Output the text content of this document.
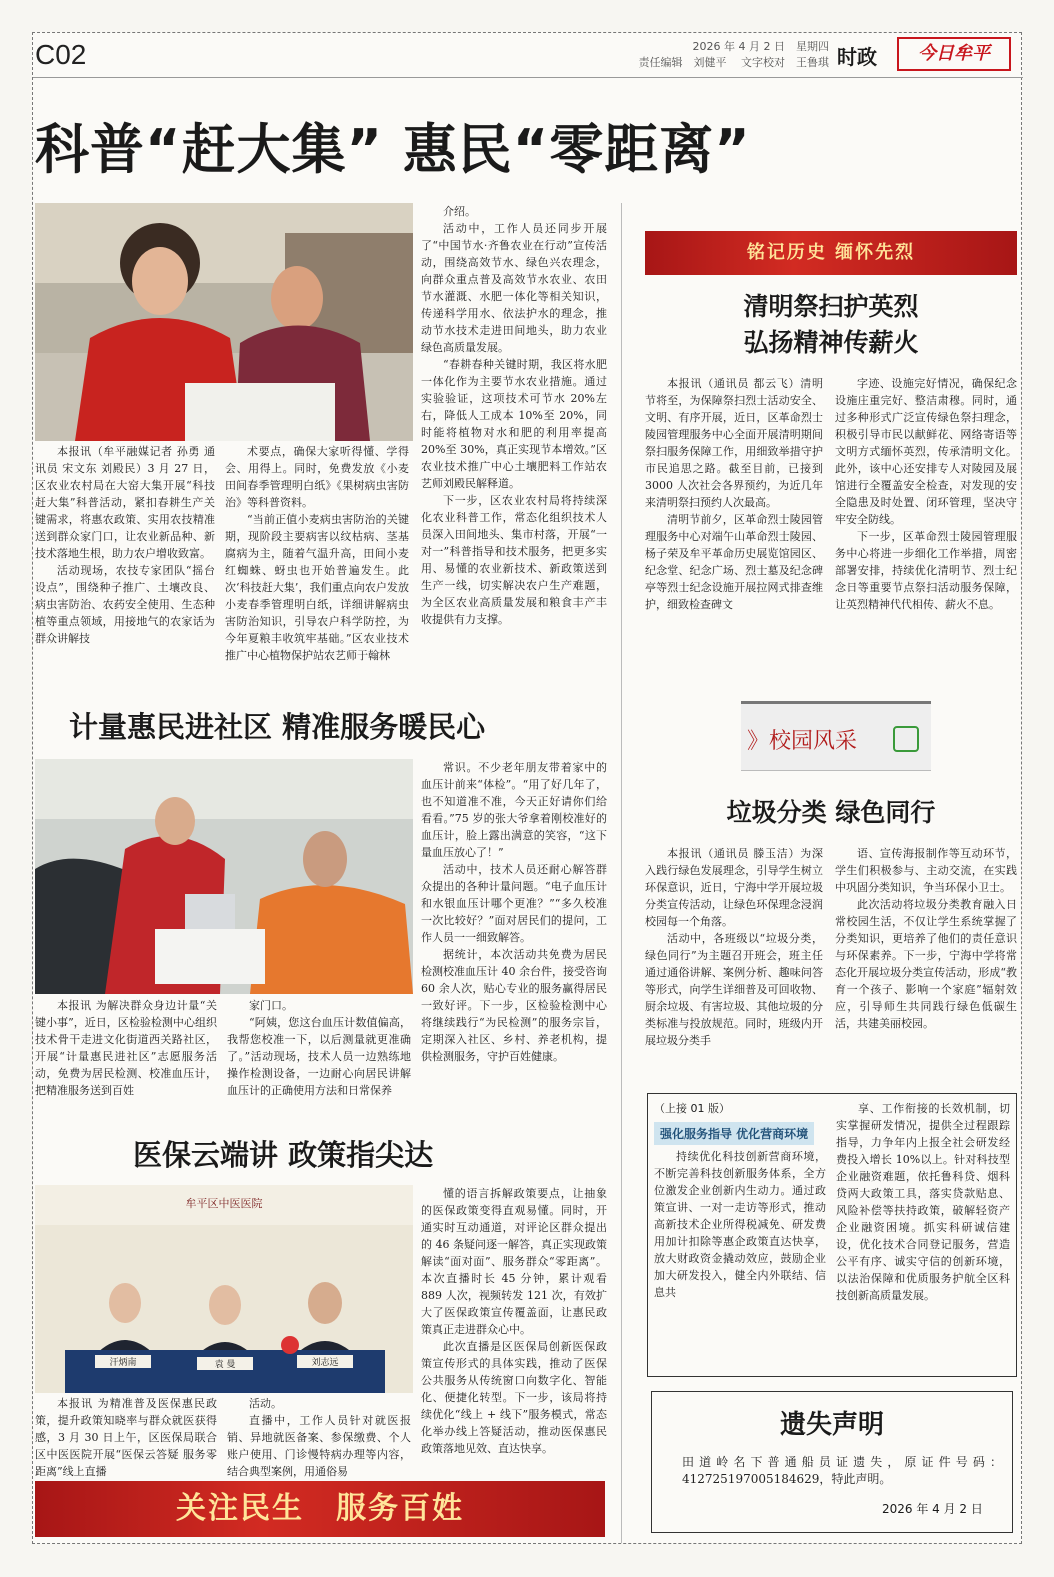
C02	2026 年 4 月 2 日　星期四
责任编辑　刘健平　 文字校对　王鲁琪 时政	今日牟平
科普“赶大集” 惠民“零距离”

本报讯（牟平融媒记者 孙勇 通讯员 宋文东 刘殿民）3 月 27 日，区农业农村局在大窑大集开展“科技赶大集”科普活动，紧扣春耕生产关键需求，将惠农政策、实用农技精准送到群众家门口，让农业新品种、新技术落地生根，助力农户增收致富。

活动现场，农技专家团队“摇台设点”，围绕种子推广、土壤改良、病虫害防治、农药安全使用、生态种植等重点领域，用接地气的农家话为群众讲解技

术要点，确保大家听得懂、学得会、用得上。同时，免费发放《小麦田间春季管理明白纸》《果树病虫害防治》等科普资料。

“当前正值小麦病虫害防治的关键期，现阶段主要病害以纹枯病、茎基腐病为主，随着气温升高，田间小麦红蜘蛛、蚜虫也开始普遍发生。此次‘科技赶大集’，我们重点向农户发放小麦春季管理明白纸，详细讲解病虫害防治知识，引导农户科学防控，为今年夏粮丰收筑牢基础。”区农业技术推广中心植物保护站农艺师于翰林

介绍。

活动中，工作人员还同步开展了“中国节水·齐鲁农业在行动”宣传活动，围绕高效节水、绿色兴农理念，向群众重点普及高效节水农业、农田节水灌溉、水肥一体化等相关知识，传递科学用水、依法护水的理念，推动节水技术走进田间地头，助力农业绿色高质量发展。

“春耕春种关键时期，我区将水肥一体化作为主要节水农业措施。通过实验验证，这项技术可节水 20%左右，降低人工成本 10%至 20%，同时能将植物对水和肥的利用率提高 20%至 30%，真正实现节本增效。”区农业技术推广中心土壤肥料工作站农艺师刘殿民解释道。

下一步，区农业农村局将持续深化农业科普工作，常态化组织技术人员深入田间地头、集市村落，开展“一对一”科普指导和技术服务，把更多实用、易懂的农业新技术、新政策送到生产一线，切实解决农户生产难题，为全区农业高质量发展和粮食丰产丰收提供有力支撑。

计量惠民进社区 精准服务暖民心

本报讯 为解决群众身边计量“关键小事”，近日，区检验检测中心组织技术骨干走进文化街道西关路社区，开展“计量惠民进社区”志愿服务活动，免费为居民检测、校准血压计，把精准服务送到百姓

家门口。

“阿姨，您这台血压计数值偏高，我帮您校准一下，以后测量就更准确了。”活动现场，技术人员一边熟练地操作检测设备，一边耐心向居民讲解血压计的正确使用方法和日常保养

常识。不少老年朋友带着家中的血压计前来“体检”。“用了好几年了，也不知道准不准，今天正好请你们给看看。”75 岁的张大爷拿着刚校准好的血压计，脸上露出满意的笑容，“这下量血压放心了！”

活动中，技术人员还耐心解答群众提出的各种计量问题。“电子血压计和水银血压计哪个更准？”“多久校准一次比较好？”面对居民们的提问，工作人员一一细致解答。

据统计，本次活动共免费为居民检测校准血压计 40 余台件，接受咨询 60 余人次，贴心专业的服务赢得居民一致好评。下一步，区检验检测中心将继续践行“为民检测”的服务宗旨，定期深入社区、乡村、养老机构，提供检测服务，守护百姓健康。

医保云端讲 政策指尖达
牟平区中医医院
汗炳南	袁 曼	刘志远

本报讯 为精准普及医保惠民政策，提升政策知晓率与群众就医获得感，3 月 30 日上午，区医保局联合区中医医院开展“医保云答疑 服务零距离”线上直播

活动。

直播中，工作人员针对就医报销、异地就医备案、参保缴费、个人账户使用、门诊慢特病办理等内容，结合典型案例，用通俗易

懂的语言拆解政策要点，让抽象的医保政策变得直观易懂。同时，开通实时互动通道，对评论区群众提出的 46 条疑问逐一解答，真正实现政策解读“面对面”、服务群众“零距离”。本次直播时长 45 分钟，累计观看 889 人次，视频转发 121 次，有效扩大了医保政策宣传覆盖面，让惠民政策真正走进群众心中。

此次直播是区医保局创新医保政策宣传形式的具体实践，推动了医保公共服务从传统窗口向数字化、智能化、便捷化转型。下一步，该局将持续优化“线上 + 线下”服务模式，常态化举办线上答疑活动，推动医保惠民政策落地见效、直达快享。

关注民生　服务百姓
铭记历史 缅怀先烈
清明祭扫护英烈
弘扬精神传薪火

本报讯（通讯员 都云飞）清明节将至，为保障祭扫烈士活动安全、文明、有序开展，近日，区革命烈士陵园管理服务中心全面开展清明期间祭扫服务保障工作，用细致举措守护市民追思之路。截至目前，已接到 3000 人次社会各界预约，为近几年来清明祭扫预约人次最高。

清明节前夕，区革命烈士陵园管理服务中心对端午山革命烈士陵园、杨子荣及牟平革命历史展览馆园区、纪念堂、纪念广场、烈士墓及纪念碑亭等烈士纪念设施开展拉网式排查维护，细致检查碑文

字迹、设施完好情况，确保纪念设施庄重完好、整洁肃穆。同时，通过多种形式广泛宣传绿色祭扫理念，积极引导市民以献鲜花、网络寄语等文明方式缅怀英烈，传承清明文化。此外，该中心还安排专人对陵园及展馆进行全覆盖安全检查，对发现的安全隐患及时处置、闭环管理，坚决守牢安全防线。

下一步，区革命烈士陵园管理服务中心将进一步细化工作举措，周密部署安排，持续优化清明节、烈士纪念日等重要节点祭扫活动服务保障，让英烈精神代代相传、薪火不息。

》校园风采
垃圾分类 绿色同行

本报讯（通讯员 滕玉洁）为深入践行绿色发展理念，引导学生树立环保意识，近日，宁海中学开展垃圾分类宣传活动，让绿色环保理念浸润校园每一个角落。

活动中，各班级以“垃圾分类，绿色同行”为主题召开班会，班主任通过通俗讲解、案例分析、趣味问答等形式，向学生详细普及可回收物、厨余垃圾、有害垃圾、其他垃圾的分类标准与投放规范。同时，班级内开展垃圾分类手

语、宣传海报制作等互动环节，学生们积极参与、主动交流，在实践中巩固分类知识，争当环保小卫士。

此次活动将垃圾分类教育融入日常校园生活，不仅让学生系统掌握了分类知识，更培养了他们的责任意识与环保素养。下一步，宁海中学将常态化开展垃圾分类宣传活动，形成“教育一个孩子、影响一个家庭”辐射效应，引导师生共同践行绿色低碳生活，共建美丽校园。

（上接 01 版）
强化服务指导 优化营商环境

持续优化科技创新营商环境，不断完善科技创新服务体系，全方位激发企业创新内生动力。通过政策宣讲、一对一走访等形式，推动高新技术企业所得税减免、研发费用加计扣除等惠企政策直达快享，放大财政资金撬动效应，鼓励企业加大研发投入，健全内外联结、信息共

享、工作衔接的长效机制，切实掌握研发情况，提供全过程跟踪指导，力争年内上报全社会研发经费投入增长 10%以上。针对科技型企业融资难题，依托鲁科贷、烟科贷两大政策工具，落实贷款贴息、风险补偿等扶持政策，破解轻资产企业融资困境。抓实科研诚信建设，优化技术合同登记服务，营造公平有序、诚实守信的创新环境，以法治保障和优质服务护航全区科技创新高质量发展。

遗失声明
田道岭名下普通船员证遗失，原证件号码：412725197005184629，特此声明。
2026 年 4 月 2 日
